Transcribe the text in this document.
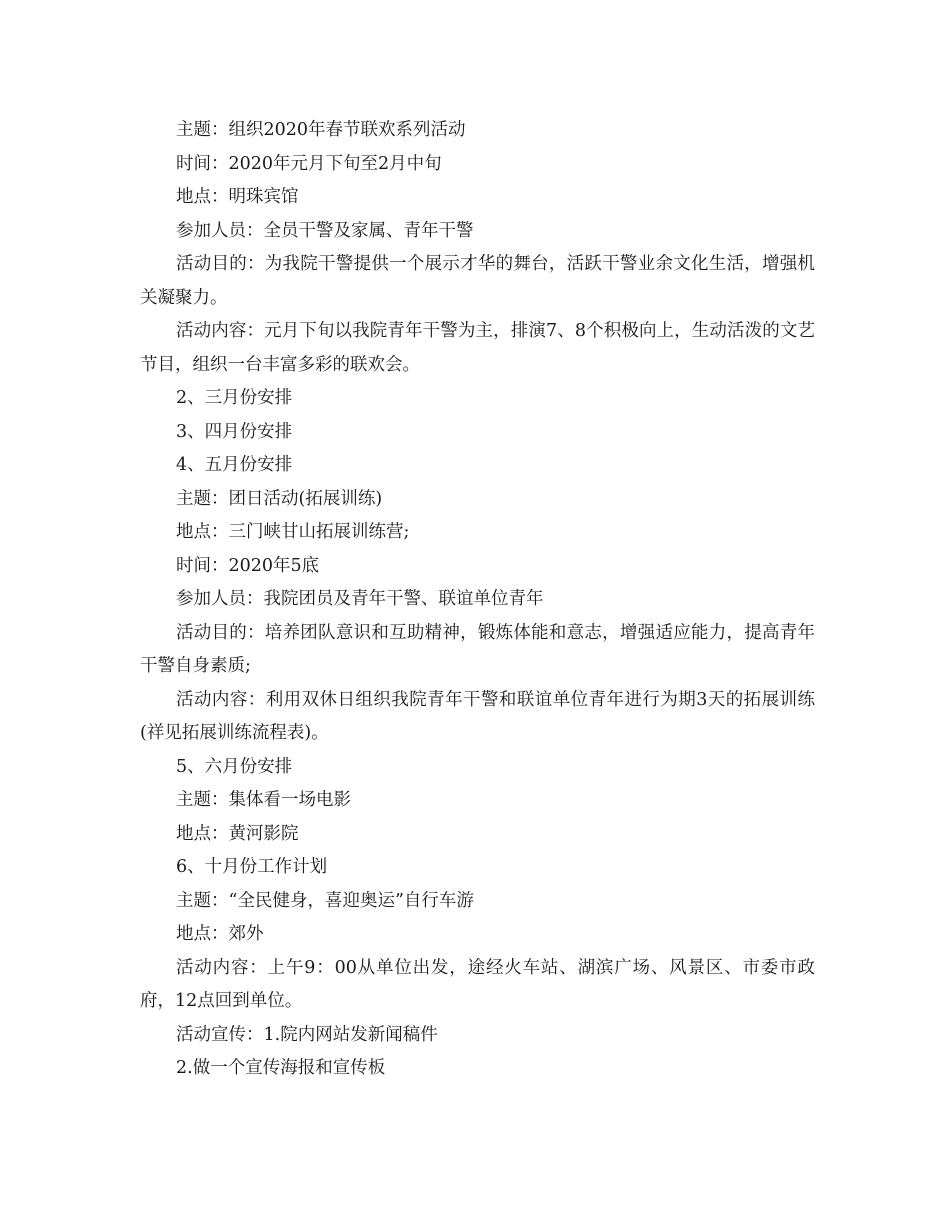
主题：组织2020年春节联欢系列活动

时间：2020年元月下旬至2月中旬

地点：明珠宾馆

参加人员：全员干警及家属、青年干警

活动目的：为我院干警提供一个展示才华的舞台，活跃干警业余文化生活，增强机关凝聚力。

活动内容：元月下旬以我院青年干警为主，排演7、8个积极向上，生动活泼的文艺节目，组织一台丰富多彩的联欢会。

2、三月份安排

3、四月份安排

4、五月份安排

主题：团日活动(拓展训练)

地点：三门峡甘山拓展训练营;

时间：2020年5底

参加人员：我院团员及青年干警、联谊单位青年

活动目的：培养团队意识和互助精神，锻炼体能和意志，增强适应能力，提高青年干警自身素质;

活动内容：利用双休日组织我院青年干警和联谊单位青年进行为期3天的拓展训练(祥见拓展训练流程表)。

5、六月份安排

主题：集体看一场电影

地点：黄河影院

6、十月份工作计划

主题：“全民健身，喜迎奥运”自行车游

地点：郊外

活动内容：上午9：00从单位出发，途经火车站、湖滨广场、风景区、市委市政府，12点回到单位。

活动宣传：1.院内网站发新闻稿件

2.做一个宣传海报和宣传板
